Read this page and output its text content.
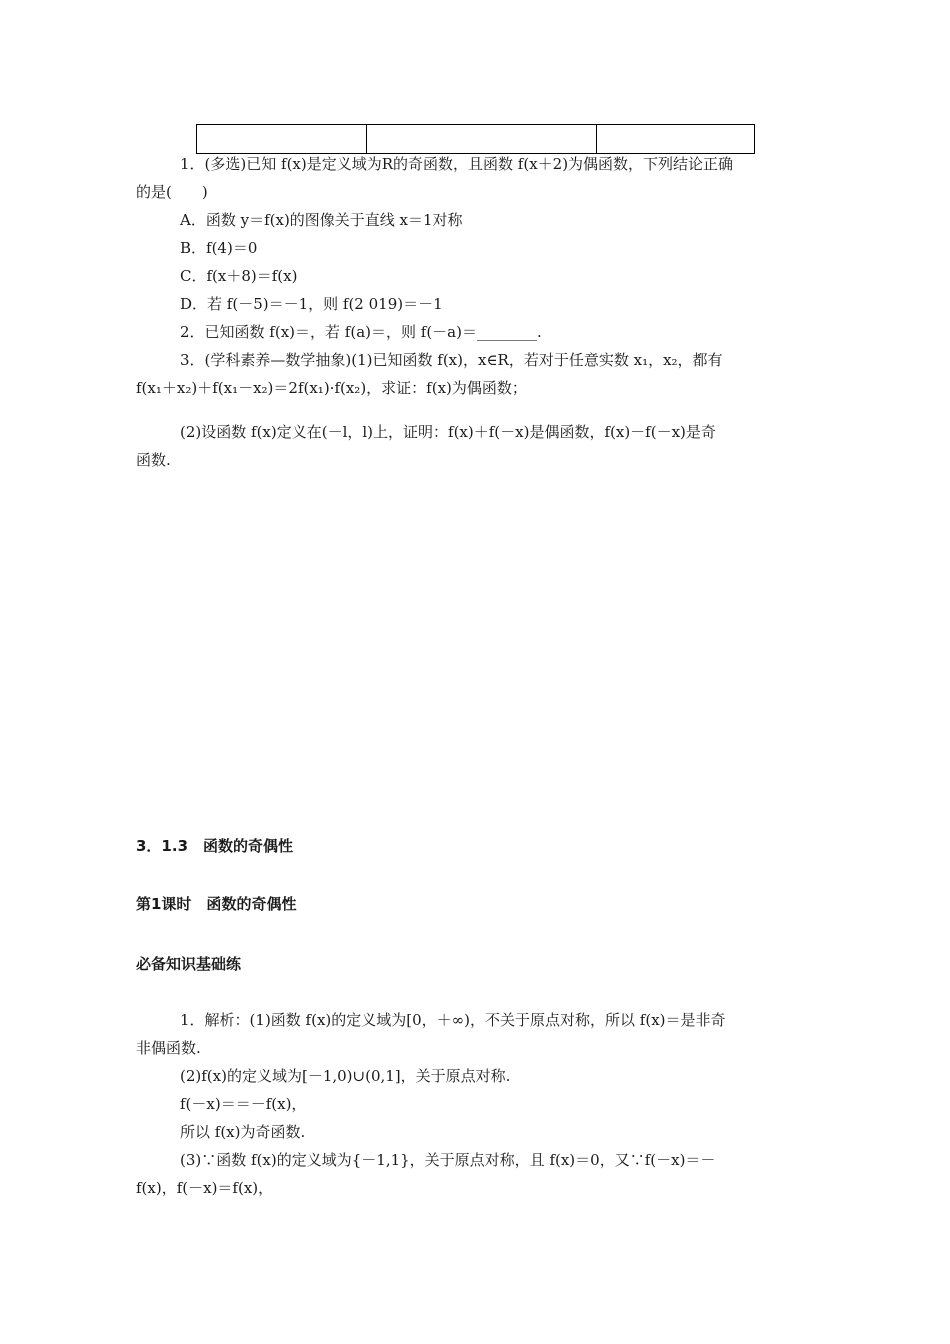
1．(多选)已知 f(x)是定义域为R的奇函数，且函数 f(x＋2)为偶函数，下列结论正确
的是(　　)
A．函数 y＝f(x)的图像关于直线 x＝1对称
B．f(4)＝0
C．f(x＋8)＝f(x)
D．若 f(－5)＝－1，则 f(2 019)＝－1
2．已知函数 f(x)＝，若 f(a)＝，则 f(－a)＝________.
3．(学科素养—数学抽象)(1)已知函数 f(x)，x∈R，若对于任意实数 x₁，x₂，都有
f(x₁＋x₂)＋f(x₁－x₂)＝2f(x₁)·f(x₂)，求证：f(x)为偶函数；
(2)设函数 f(x)定义在(－l，l)上，证明：f(x)＋f(－x)是偶函数，f(x)－f(－x)是奇
函数.
3．1.3　函数的奇偶性
第1课时　函数的奇偶性
必备知识基础练
1．解析：(1)函数 f(x)的定义域为[0，＋∞)，不关于原点对称，所以 f(x)＝是非奇
非偶函数.
(2)f(x)的定义域为[－1,0)∪(0,1]，关于原点对称.
f(－x)＝＝－f(x)，
所以 f(x)为奇函数.
(3)∵函数 f(x)的定义域为{－1,1}，关于原点对称，且 f(x)＝0，又∵f(－x)＝－
f(x)，f(－x)＝f(x)，
